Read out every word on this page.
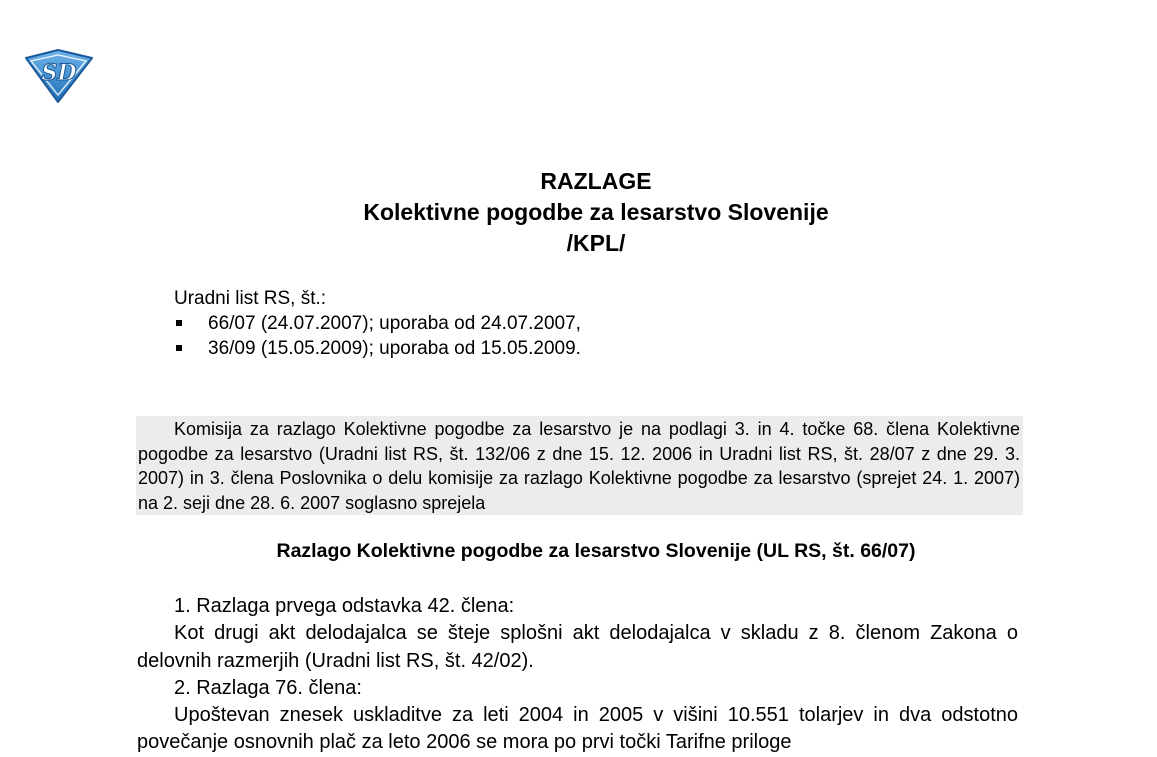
SD
RAZLAGE
Kolektivne pogodbe za lesarstvo Slovenije
/KPL/
Uradni list RS, št.:
66/07 (24.07.2007); uporaba od 24.07.2007,
36/09 (15.05.2009); uporaba od 15.05.2009.
Komisija za razlago Kolektivne pogodbe za lesarstvo je na podlagi 3. in 4. točke 68. člena Kolektivne pogodbe za lesarstvo (Uradni list RS, št. 132/06 z dne 15. 12. 2006 in Uradni list RS, št. 28/07 z dne 29. 3. 2007) in 3. člena Poslovnika o delu komisije za razlago Kolektivne pogodbe za lesarstvo (sprejet 24. 1. 2007) na 2. seji dne 28. 6. 2007 soglasno sprejela
Razlago Kolektivne pogodbe za lesarstvo Slovenije (UL RS, št. 66/07)

1. Razlaga prvega odstavka 42. člena:

Kot drugi akt delodajalca se šteje splošni akt delodajalca v skladu z 8. členom Zakona o delovnih razmerjih (Uradni list RS, št. 42/02).

2. Razlaga 76. člena:

Upoštevan znesek uskladitve za leti 2004 in 2005 v višini 10.551 tolarjev in dva odstotno povečanje osnovnih plač za leto 2006 se mora po prvi točki Tarifne priloge
